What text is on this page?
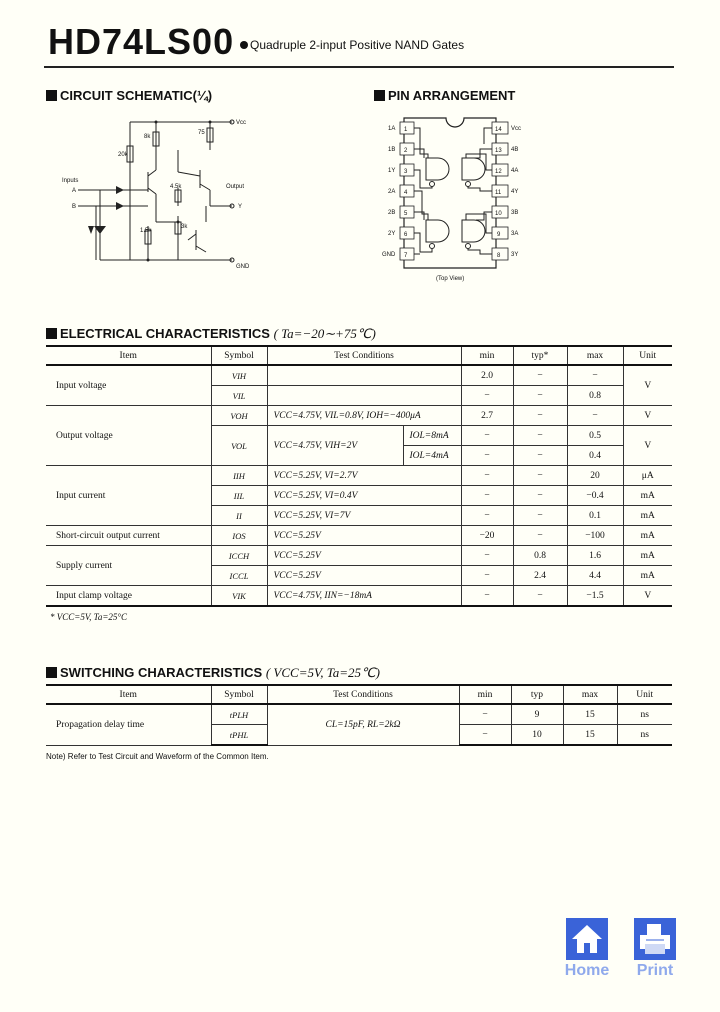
HD74LS00	Quadruple 2-input Positive NAND Gates
CIRCUIT SCHEMATIC(¼)
Vcc
8k
20k
75
4.5k
1.5k
3k
Inputs
A
B
Output
Y
GND
PIN ARRANGEMENT
1A 1
1B 2
1Y 3
2A 4
2B 5
2Y 6
GND 7
14 Vcc
13 4B
12 4A
11 4Y
10 3B
9 3A
8 3Y
(Top View)
ELECTRICAL CHARACTERISTICS ( Ta=−20∼+75℃)
Item	Symbol	Test Conditions		min	typ*	max	Unit
Input voltage	VIH			2.0	−	−	V
	VIL			−	−	0.8	
Output voltage	VOH	VCC=4.75V, VIL=0.8V, IOH=−400μA		2.7	−	−	V
	VOL	VCC=4.75V, VIH=2V	IOL=8mA	−	−	0.5	V
			IOL=4mA	−	−	0.4	
Input current	IIH	VCC=5.25V, VI=2.7V		−	−	20	μA
	IIL	VCC=5.25V, VI=0.4V		−	−	−0.4	mA
	II	VCC=5.25V, VI=7V		−	−	0.1	mA
Short-circuit output current	IOS	VCC=5.25V		−20	−	−100	mA
Supply current	ICCH	VCC=5.25V		−	0.8	1.6	mA
	ICCL	VCC=5.25V		−	2.4	4.4	mA
Input clamp voltage	VIK	VCC=4.75V, IIN=−18mA		−	−	−1.5	V
* VCC=5V, Ta=25°C
SWITCHING CHARACTERISTICS ( VCC=5V, Ta=25℃)
Item	Symbol	Test Conditions	min	typ	max	Unit
Propagation delay time	tPLH	CL=15pF, RL=2kΩ	−	9	15	ns
	tPHL		−	10	15	ns
Note) Refer to Test Circuit and Waveform of the Common Item.
Home	Print
